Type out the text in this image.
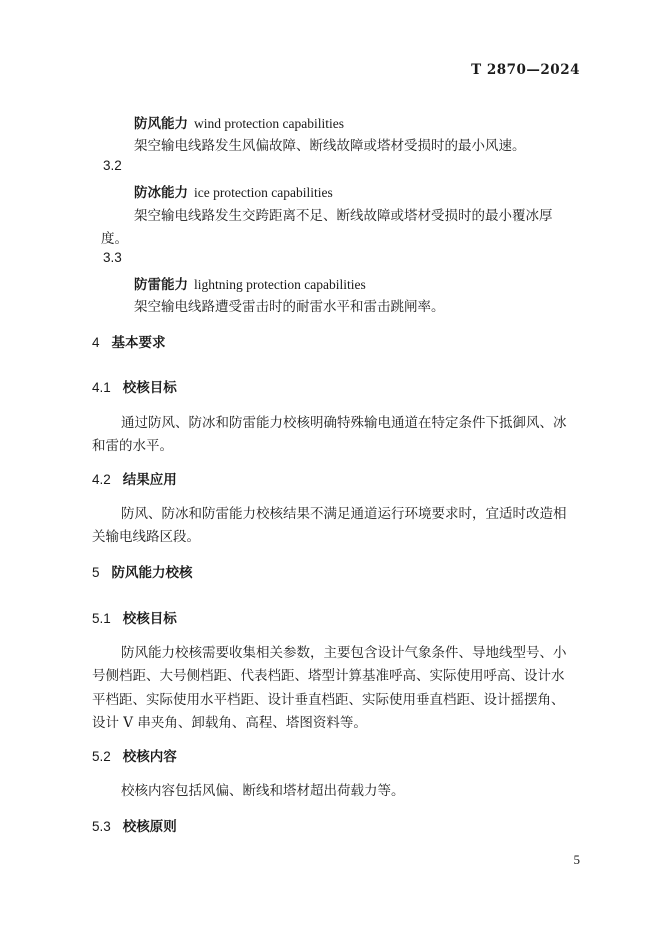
T 2870—2024
防风能力 wind protection capabilities
架空输电线路发生风偏故障、断线故障或塔材受损时的最小风速。
3.2
防冰能力 ice protection capabilities
架空输电线路发生交跨距离不足、断线故障或塔材受损时的最小覆冰厚
度。
3.3
防雷能力 lightning protection capabilities
架空输电线路遭受雷击时的耐雷水平和雷击跳闸率。
4 基本要求
4.1 校核目标
通过防风、防冰和防雷能力校核明确特殊输电通道在特定条件下抵御风、冰
和雷的水平。
4.2 结果应用
防风、防冰和防雷能力校核结果不满足通道运行环境要求时，宜适时改造相
关输电线路区段。
5 防风能力校核
5.1 校核目标
防风能力校核需要收集相关参数，主要包含设计气象条件、导地线型号、小
号侧档距、大号侧档距、代表档距、塔型计算基准呼高、实际使用呼高、设计水
平档距、实际使用水平档距、设计垂直档距、实际使用垂直档距、设计摇摆角、
设计 V 串夹角、卸载角、高程、塔图资料等。
5.2 校核内容
校核内容包括风偏、断线和塔材超出荷载力等。
5.3 校核原则
5
